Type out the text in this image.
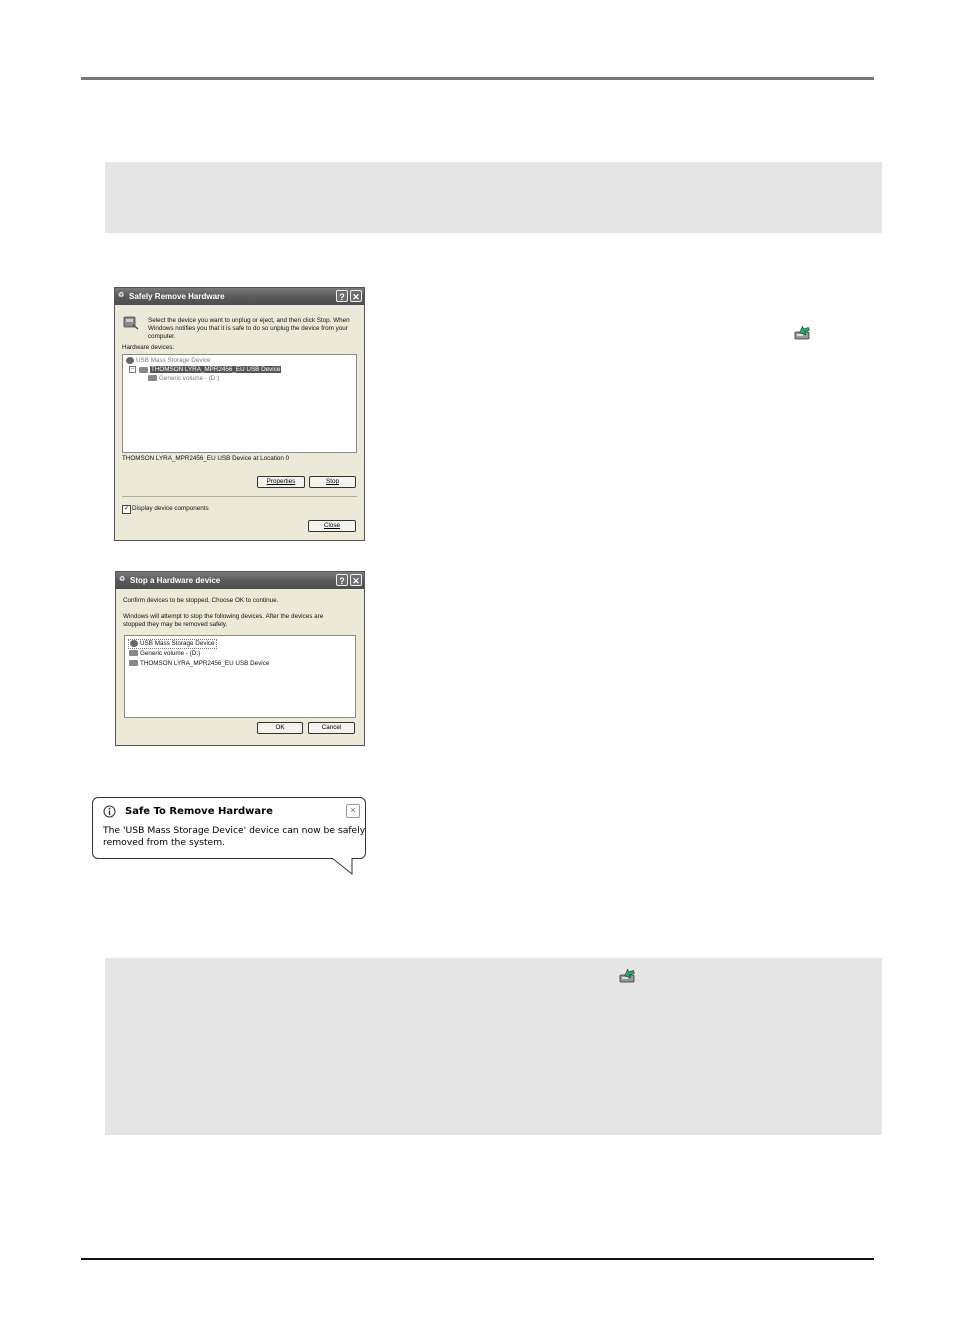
♻ Safely Remove Hardware	? ✕
Select the device you want to unplug or eject, and then click Stop. When
Windows notifies you that it is safe to do so unplug the device from your
computer.
Hardware devices:
USB Mass Storage Device
−	THOMSON LYRA_MPR2456_EU USB Device
Generic volume - (D:)
THOMSON LYRA_MPR2456_EU USB Device at Location 0
Properties	Stop
✓ Display device components
Close
♻ Stop a Hardware device	? ✕
Confirm devices to be stopped, Choose OK to continue.
Windows will attempt to stop the following devices. After the devices are
stopped they may be removed safely.
USB Mass Storage Device
Generic volume - (D:)
THOMSON LYRA_MPR2456_EU USB Device
OK	Cancel
Safe To Remove Hardware	×
The 'USB Mass Storage Device' device can now be safely
removed from the system.
